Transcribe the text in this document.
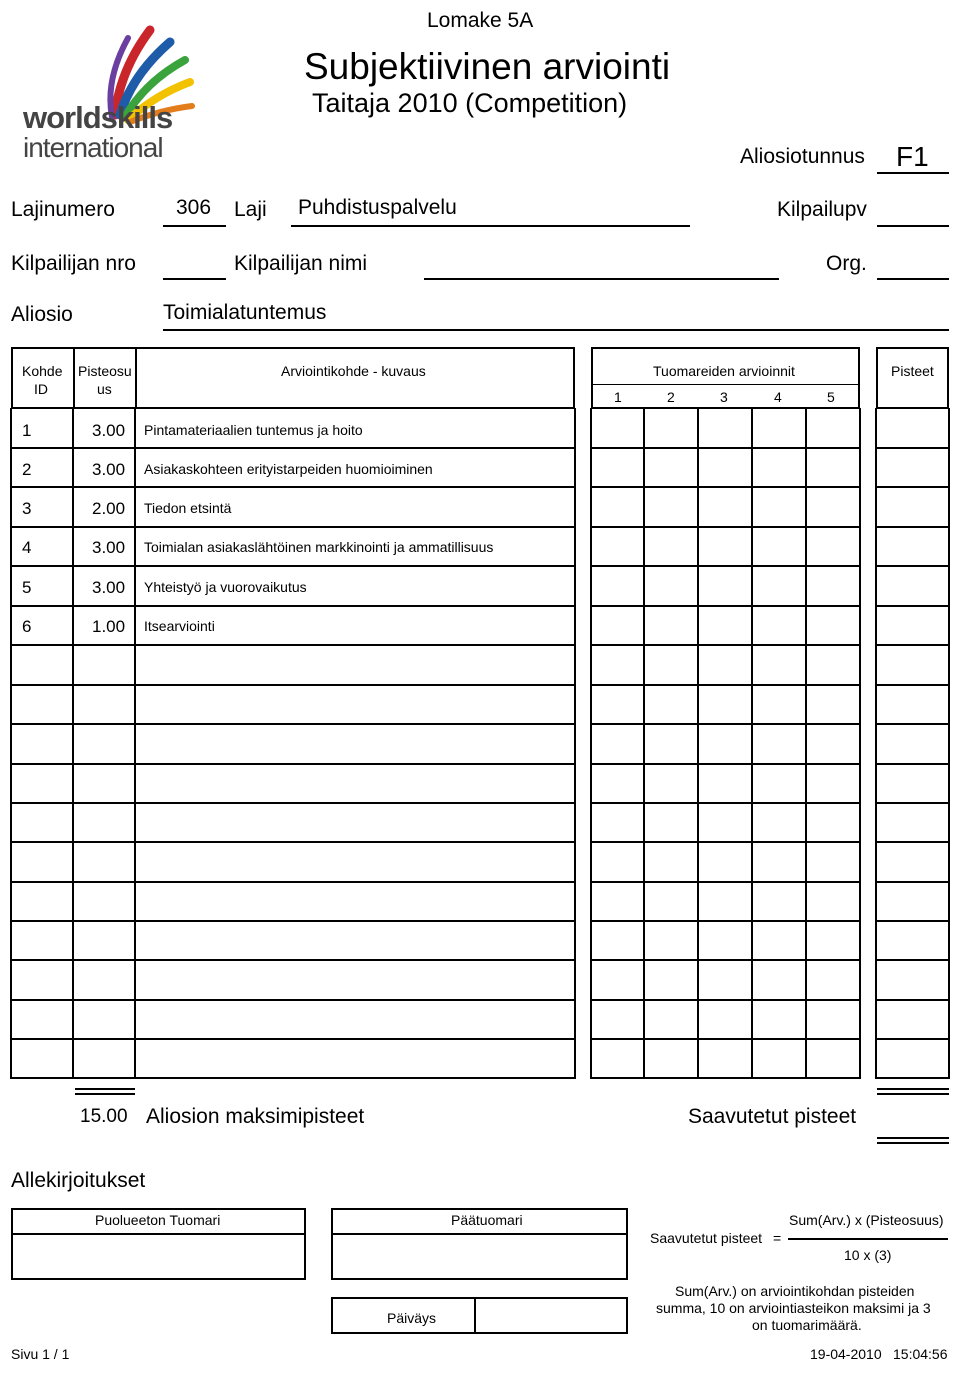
Lomake 5A
Subjektiivinen arviointi
Taitaja 2010 (Competition)
worldskills
international	Aliosiotunnus F1
Lajinumero	306 Laji Puhdistuspalvelu	Kilpailupv
Kilpailijan nro	Kilpailijan nimi	Org.
Aliosio	Toimialatuntemus
Kohde
ID
Pisteosu
us
Arviointikohde - kuvaus	Tuomareiden arvioinnit
1	2	3	4	5
Pisteet
1	3.00 Pintamateriaalien tuntemus ja hoito
2	3.00 Asiakaskohteen erityistarpeiden huomioiminen
3	2.00 Tiedon etsintä
4	3.00 Toimialan asiakaslähtöinen markkinointi ja ammatillisuus
5	3.00 Yhteistyö ja vuorovaikutus
6	1.00 Itsearviointi
15.00 Aliosion maksimipisteet	Saavutetut pisteet
Allekirjoitukset
Puolueeton Tuomari	Päätuomari
Päiväys
Saavutetut pisteet =
Sum(Arv.) x (Pisteosuus)
10 x (3)
Sum(Arv.) on arviointikohdan pisteiden
summa, 10 on arviointiasteikon maksimi ja 3
on tuomarimäärä.
Sivu 1 / 1	19-04-2010 15:04:56
